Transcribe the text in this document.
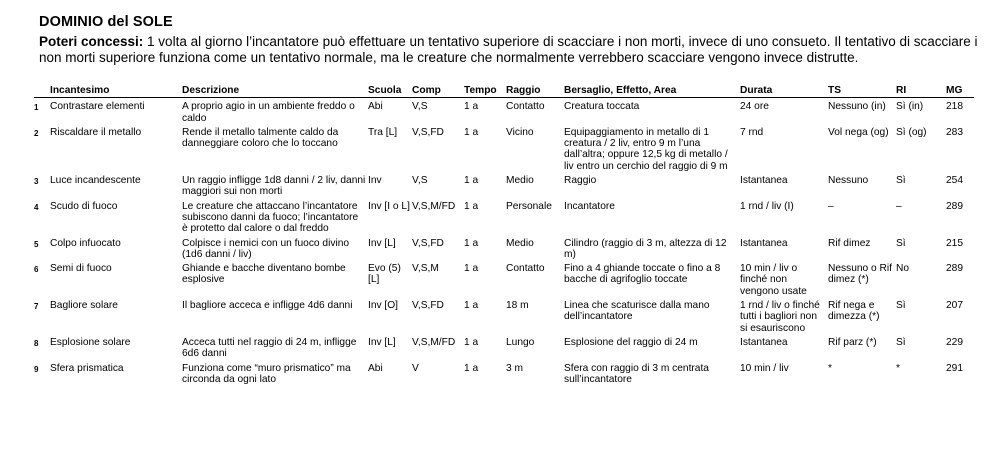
DOMINIO del SOLE
Poteri concessi: 1 volta al giorno l’incantatore può effettuare un tentativo superiore di scacciare i non morti, invece di uno consueto. Il tentativo di scacciare i non morti superiore funziona come un tentativo normale, ma le creature che normalmente verrebbero scacciare vengono invece distrutte.
	Incantesimo	Descrizione	Scuola	Comp	Tempo	Raggio	Bersaglio, Effetto, Area	Durata	TS	RI	MG
1	Contrastare elementi	A proprio agio in un ambiente freddo o caldo	Abi	V,S	1 a	Contatto	Creatura toccata	24 ore	Nessuno (in)	Sì (in)	218
2	Riscaldare il metallo	Rende il metallo talmente caldo da danneggiare coloro che lo toccano	Tra [L]	V,S,FD	1 a	Vicino	Equipaggiamento in metallo di 1 creatura / 2 liv, entro 9 m l’una dall’altra; oppure 12,5 kg di metallo / liv entro un cerchio del raggio di 9 m	7 rnd	Vol nega (og)	Sì (og)	283
3	Luce incandescente	Un raggio infligge 1d8 danni / 2 liv, danni maggiori sui non morti	Inv	V,S	1 a	Medio	Raggio	Istantanea	Nessuno	Sì	254
4	Scudo di fuoco	Le creature che attaccano l’incantatore subiscono danni da fuoco; l’incantatore è protetto dal calore o dal freddo	Inv [I o L]	V,S,M/FD	1 a	Personale	Incantatore	1 rnd / liv (I)	–	–	289
5	Colpo infuocato	Colpisce i nemici con un fuoco divino (1d6 danni / liv)	Inv [L]	V,S,FD	1 a	Medio	Cilindro (raggio di 3 m, altezza di 12 m)	Istantanea	Rif dimez	Sì	215
6	Semi di fuoco	Ghiande e bacche diventano bombe esplosive	Evo (5) [L]	V,S,M	1 a	Contatto	Fino a 4 ghiande toccate o fino a 8 bacche di agrifoglio toccate	10 min / liv o finché non vengono usate	Nessuno o Rif dimez (*)	No	289
7	Bagliore solare	Il bagliore acceca e infligge 4d6 danni	Inv [O]	V,S,FD	1 a	18 m	Linea che scaturisce dalla mano dell’incantatore	1 rnd / liv o finché tutti i bagliori non si esauriscono	Rif nega e dimezza (*)	Sì	207
8	Esplosione solare	Acceca tutti nel raggio di 24 m, infligge 6d6 danni	Inv [L]	V,S,M/FD	1 a	Lungo	Esplosione del raggio di 24 m	Istantanea	Rif parz (*)	Sì	229
9	Sfera prismatica	Funziona come “muro prismatico” ma circonda da ogni lato	Abi	V	1 a	3 m	Sfera con raggio di 3 m centrata sull’incantatore	10 min / liv	*	*	291
